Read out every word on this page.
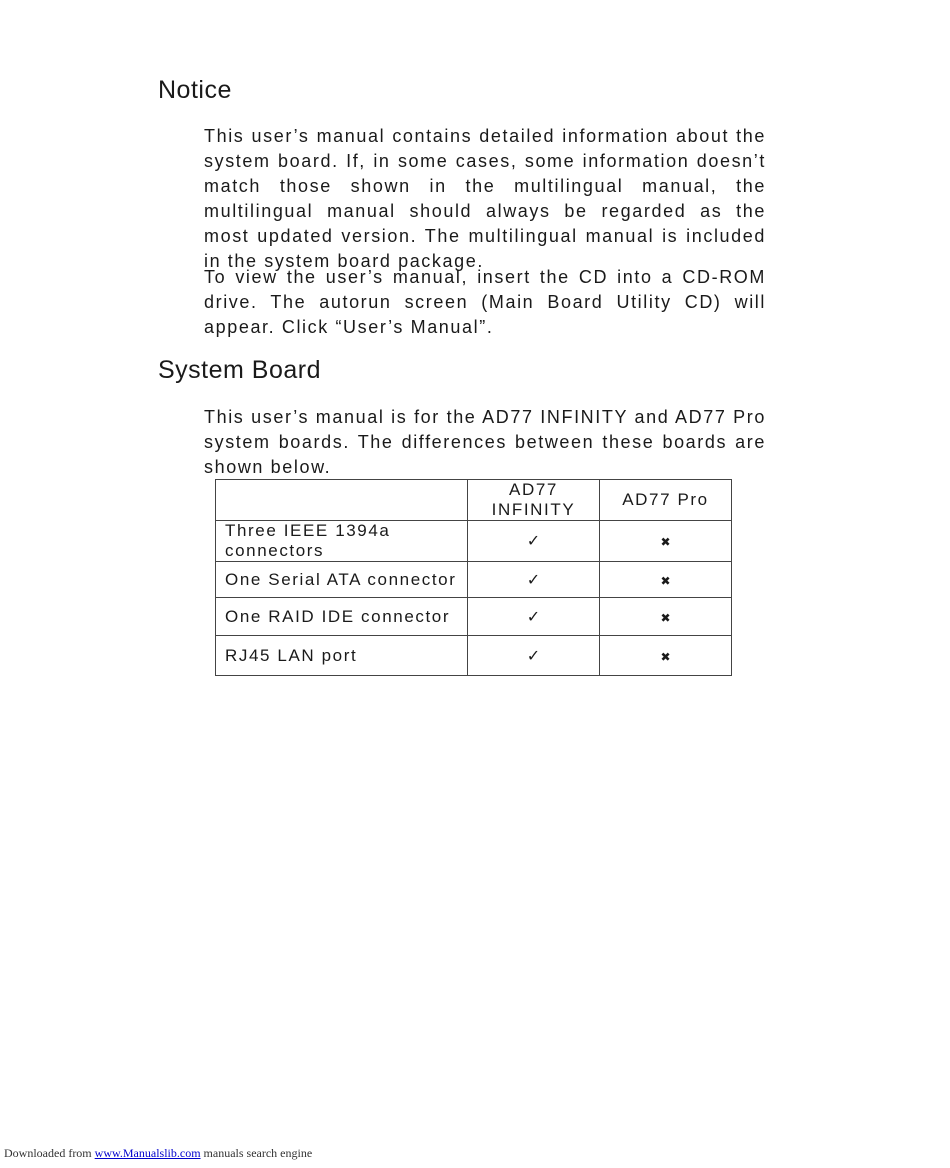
Notice

This user’s manual contains detailed information about the system board. If, in some cases, some information doesn’t match those shown in the multilingual manual, the multilingual manual should always be regarded as the most updated version. The multilingual manual is included in the system board package.

To view the user’s manual, insert the CD into a CD-ROM drive. The autorun screen (Main Board Utility CD) will appear. Click “User’s Manual”.

System Board

This user’s manual is for the AD77 INFINITY and AD77 Pro system boards. The differences between these boards are shown below.

	AD77 INFINITY	AD77 Pro
Three IEEE 1394a connectors	✓	✖
One Serial ATA connector	✓	✖
One RAID IDE connector	✓	✖
RJ45 LAN port	✓	✖

Downloaded from www.Manualslib.com manuals search engine
